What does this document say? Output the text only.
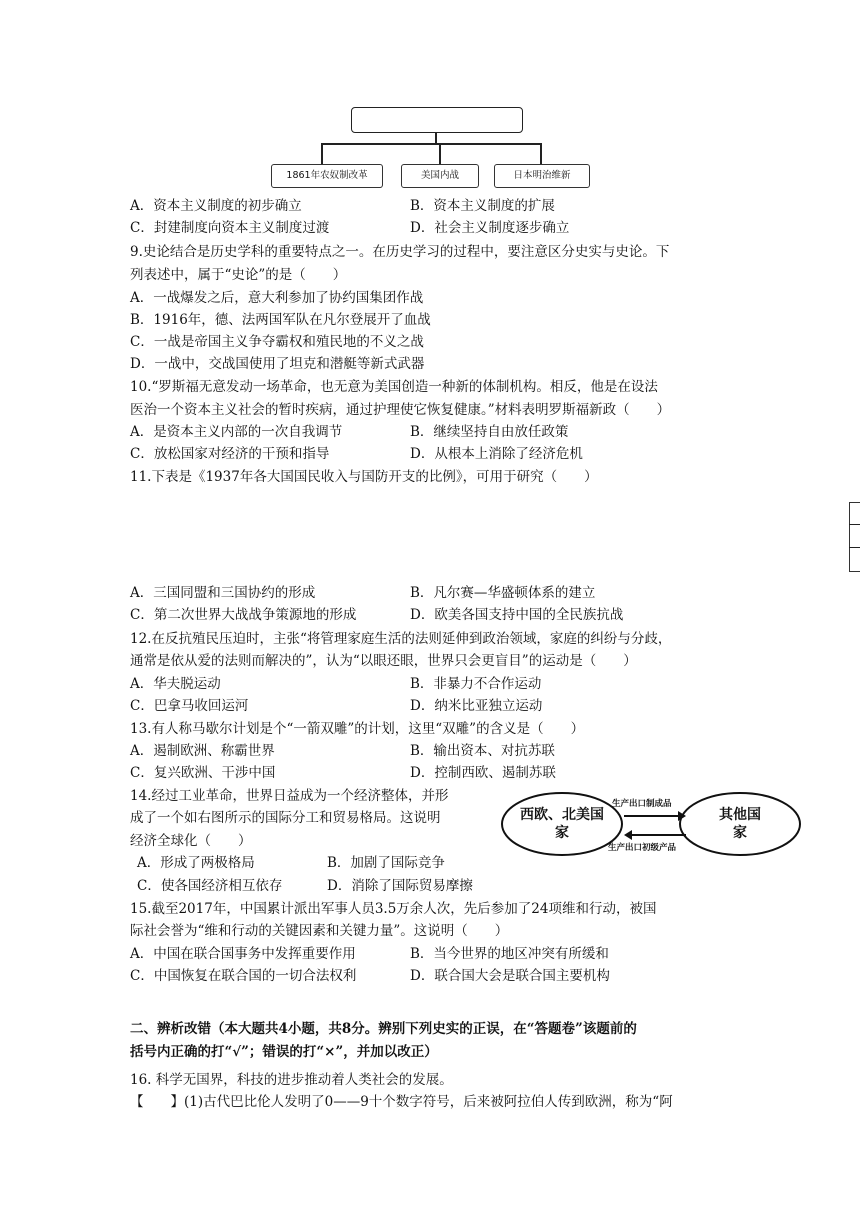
1861年农奴制改革	美国内战	日本明治维新
A．资本主义制度的初步确立	B．资本主义制度的扩展
C．封建制度向资本主义制度过渡	D．社会主义制度逐步确立
9.史论结合是历史学科的重要特点之一。在历史学习的过程中，要注意区分史实与史论。下
列表述中，属于“史论”的是（　　）
A．一战爆发之后，意大利参加了协约国集团作战
B．1916年，德、法两国军队在凡尔登展开了血战
C．一战是帝国主义争夺霸权和殖民地的不义之战
D．一战中，交战国使用了坦克和潜艇等新式武器
10.“罗斯福无意发动一场革命，也无意为美国创造一种新的体制机构。相反，他是在设法
医治一个资本主义社会的暂时疾病，通过护理使它恢复健康。”材料表明罗斯福新政（　　）
A．是资本主义内部的一次自我调节	B．继续坚持自由放任政策
C．放松国家对经济的干预和指导	D．从根本上消除了经济危机
11.下表是《1937年各大国国民收入与国防开支的比例》，可用于研究（　　）
A．三国同盟和三国协约的形成	B．凡尔赛—华盛顿体系的建立
C．第二次世界大战战争策源地的形成	D．欧美各国支持中国的全民族抗战
12.在反抗殖民压迫时，主张“将管理家庭生活的法则延伸到政治领域，家庭的纠纷与分歧，
通常是依从爱的法则而解决的”，认为“以眼还眼，世界只会更盲目”的运动是（　　）
A．华夫脱运动	B．非暴力不合作运动
C．巴拿马收回运河	D．纳米比亚独立运动
13.有人称马歇尔计划是个“一箭双雕”的计划，这里“双雕”的含义是（　　）
A．遏制欧洲、称霸世界	B．输出资本、对抗苏联
C．复兴欧洲、干涉中国	D．控制西欧、遏制苏联
14.经过工业革命，世界日益成为一个经济整体，并形
成了一个如右图所示的国际分工和贸易格局。这说明
经济全球化（　　）
A．形成了两极格局	B．加剧了国际竞争
C．使各国经济相互依存	D．消除了国际贸易摩擦
西欧、北美国家
其他国家
生产出口制成品
生产出口初级产品
15.截至2017年，中国累计派出军事人员3.5万余人次，先后参加了24项维和行动，被国
际社会誉为“维和行动的关键因素和关键力量”。这说明（　　）
A．中国在联合国事务中发挥重要作用	B．当今世界的地区冲突有所缓和
C．中国恢复在联合国的一切合法权利	D．联合国大会是联合国主要机构
二、辨析改错（本大题共4小题，共8分。辨别下列史实的正误，在“答题卷”该题前的
括号内正确的打“√”；错误的打“×”，并加以改正）
16. 科学无国界，科技的进步推动着人类社会的发展。
【　　】(1)古代巴比伦人发明了0——9十个数字符号，后来被阿拉伯人传到欧洲，称为“阿
